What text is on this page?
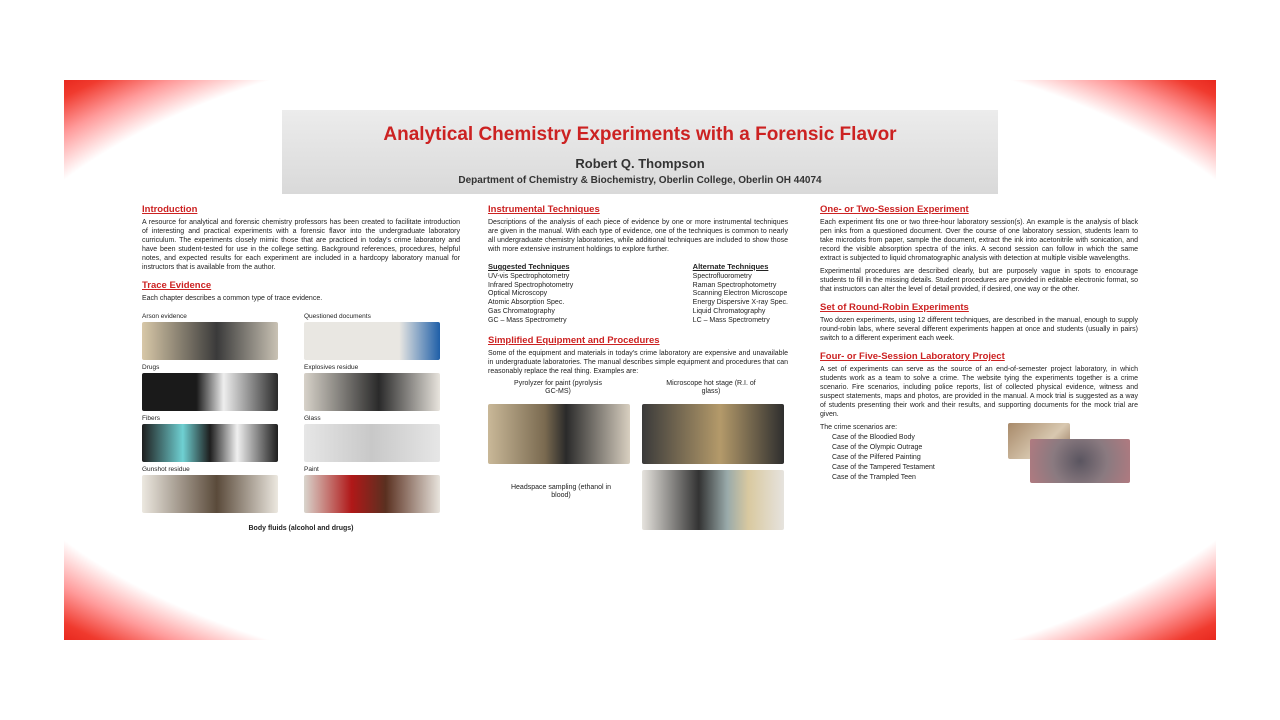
Analytical Chemistry Experiments with a Forensic Flavor
Robert Q. Thompson
Department of Chemistry & Biochemistry, Oberlin College, Oberlin OH 44074
Introduction
A resource for analytical and forensic chemistry professors has been created to facilitate introduction of interesting and practical experiments with a forensic flavor into the undergraduate laboratory curriculum. The experiments closely mimic those that are practiced in today's crime laboratory and have been student-tested for use in the college setting. Background references, procedures, helpful notes, and expected results for each experiment are included in a hardcopy laboratory manual for instructors that is available from the author.
Trace Evidence
Each chapter describes a common type of trace evidence.
Arson evidence	Questioned documents
Drugs	Explosives residue
Fibers	Glass
Gunshot residue	Paint
Body fluids (alcohol and drugs)
Instrumental Techniques
Descriptions of the analysis of each piece of evidence by one or more instrumental techniques are given in the manual. With each type of evidence, one of the techniques is common to nearly all undergraduate chemistry laboratories, while additional techniques are included to show those with more extensive instrument holdings to explore further.
Suggested Techniques
UV-vis Spectrophotometry
Infrared Spectrophotometry
Optical Microscopy
Atomic Absorption Spec.
Gas Chromatography
GC – Mass Spectrometry
Alternate Techniques
Spectrofluorometry
Raman Spectrophotometry
Scanning Electron Microscope
Energy Dispersive X-ray Spec.
Liquid Chromatography
LC – Mass Spectrometry
Simplified Equipment and Procedures
Some of the equipment and materials in today's crime laboratory are expensive and unavailable in undergraduate laboratories. The manual describes simple equipment and procedures that can reasonably replace the real thing. Examples are:
Pyrolyzer for paint (pyrolysis GC-MS)
Microscope hot stage (R.I. of glass)
Headspace sampling (ethanol in blood)
One- or Two-Session Experiment
Each experiment fits one or two three-hour laboratory session(s). An example is the analysis of black pen inks from a questioned document. Over the course of one laboratory session, students learn to take microdots from paper, sample the document, extract the ink into acetonitrile with sonication, and record the visible absorption spectra of the inks. A second session can follow in which the same extract is subjected to liquid chromatographic analysis with detection at multiple visible wavelengths.
Experimental procedures are described clearly, but are purposely vague in spots to encourage students to fill in the missing details. Student procedures are provided in editable electronic format, so that instructors can alter the level of detail provided, if desired, one way or the other.
Set of Round-Robin Experiments
Two dozen experiments, using 12 different techniques, are described in the manual, enough to supply round-robin labs, where several different experiments happen at once and students (usually in pairs) switch to a different experiment each week.
Four- or Five-Session Laboratory Project
A set of experiments can serve as the source of an end-of-semester project laboratory, in which students work as a team to solve a crime. The website tying the experiments together is a crime scenario. Fire scenarios, including police reports, list of collected physical evidence, witness and suspect statements, maps and photos, are provided in the manual. A mock trial is suggested as a way of students presenting their work and their results, and supporting documents for the mock trial are given.
The crime scenarios are:
Case of the Bloodied Body
Case of the Olympic Outrage
Case of the Pilfered Painting
Case of the Tampered Testament
Case of the Trampled Teen
